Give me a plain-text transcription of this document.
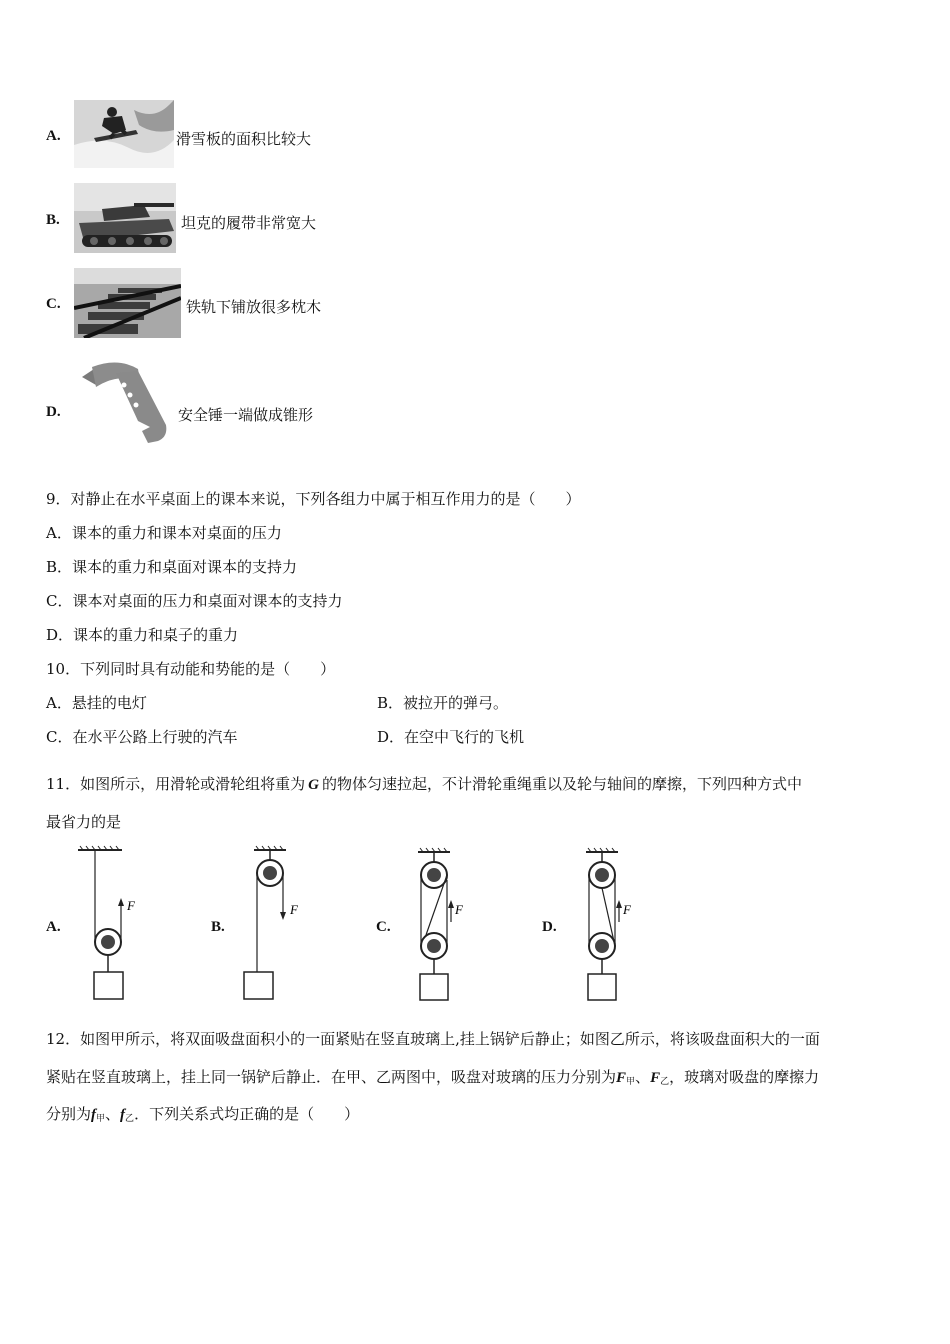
A.	滑雪板的面积比较大
B.	坦克的履带非常宽大
C.	铁轨下铺放很多枕木
D.	安全锤一端做成锥形
9．对静止在水平桌面上的课本来说，下列各组力中属于相互作用力的是（　　）
A．课本的重力和课本对桌面的压力
B．课本的重力和桌面对课本的支持力
C．课本对桌面的压力和桌面对课本的支持力
D．课本的重力和桌子的重力
10．下列同时具有动能和势能的是（　　）
A．悬挂的电灯	B．被拉开的弹弓。
C．在水平公路上行驶的汽车	D．在空中飞行的飞机
11．如图所示，用滑轮或滑轮组将重为 G 的物体匀速拉起，不计滑轮重绳重以及轮与轴间的摩擦，下列四种方式中
最省力的是
A.	B.	C.	D.
F	F	F	F
12．如图甲所示，将双面吸盘面积小的一面紧贴在竖直玻璃上,挂上锅铲后静止；如图乙所示，将该吸盘面积大的一面
紧贴在竖直玻璃上，挂上同一锅铲后静止．在甲、乙两图中，吸盘对玻璃的压力分别为$F_甲$、$F_乙$，玻璃对吸盘的摩擦力
分别为$f_甲$、$f_乙$．下列关系式均正确的是（　　）
